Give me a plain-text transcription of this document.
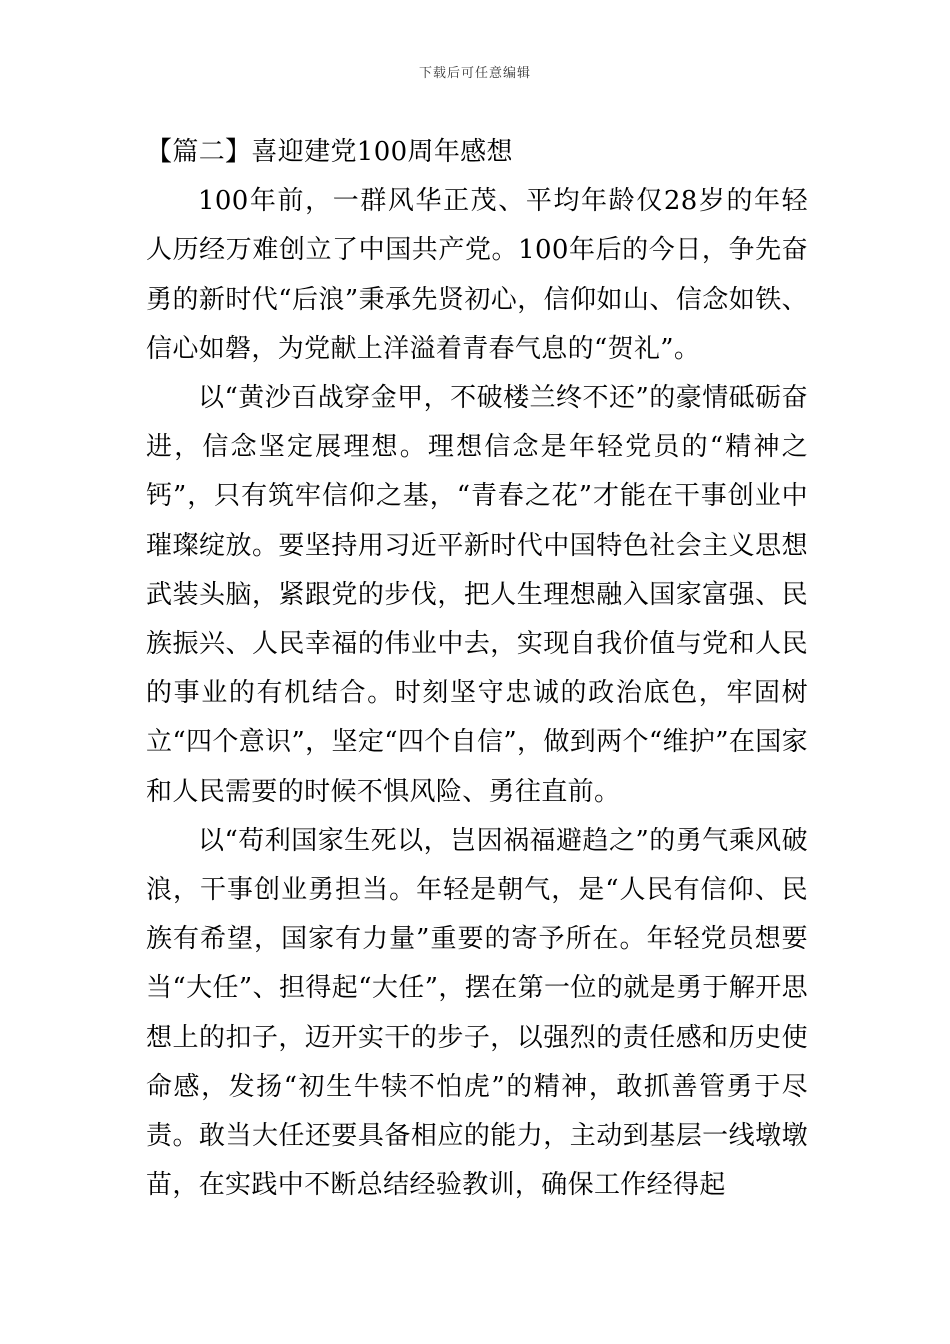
下载后可任意编辑
【篇二】喜迎建党100周年感想

100年前，一群风华正茂、平均年龄仅28岁的年轻人历经万难创立了中国共产党。100年后的今日，争先奋勇的新时代“后浪”秉承先贤初心，信仰如山、信念如铁、信心如磐，为党献上洋溢着青春气息的“贺礼”。

以“黄沙百战穿金甲，不破楼兰终不还”的豪情砥砺奋进，信念坚定展理想。理想信念是年轻党员的“精神之钙”，只有筑牢信仰之基，“青春之花”才能在干事创业中璀璨绽放。要坚持用习近平新时代中国特色社会主义思想武装头脑，紧跟党的步伐，把人生理想融入国家富强、民族振兴、人民幸福的伟业中去，实现自我价值与党和人民的事业的有机结合。时刻坚守忠诚的政治底色，牢固树立“四个意识”，坚定“四个自信”，做到两个“维护”在国家和人民需要的时候不惧风险、勇往直前。

以“苟利国家生死以，岂因祸福避趋之”的勇气乘风破浪，干事创业勇担当。年轻是朝气，是“人民有信仰、民族有希望，国家有力量”重要的寄予所在。年轻党员想要当“大任”、担得起“大任”，摆在第一位的就是勇于解开思想上的扣子，迈开实干的步子，以强烈的责任感和历史使命感，发扬“初生牛犊不怕虎”的精神，敢抓善管勇于尽责。敢当大任还要具备相应的能力，主动到基层一线墩墩苗，在实践中不断总结经验教训，确保工作经得起
